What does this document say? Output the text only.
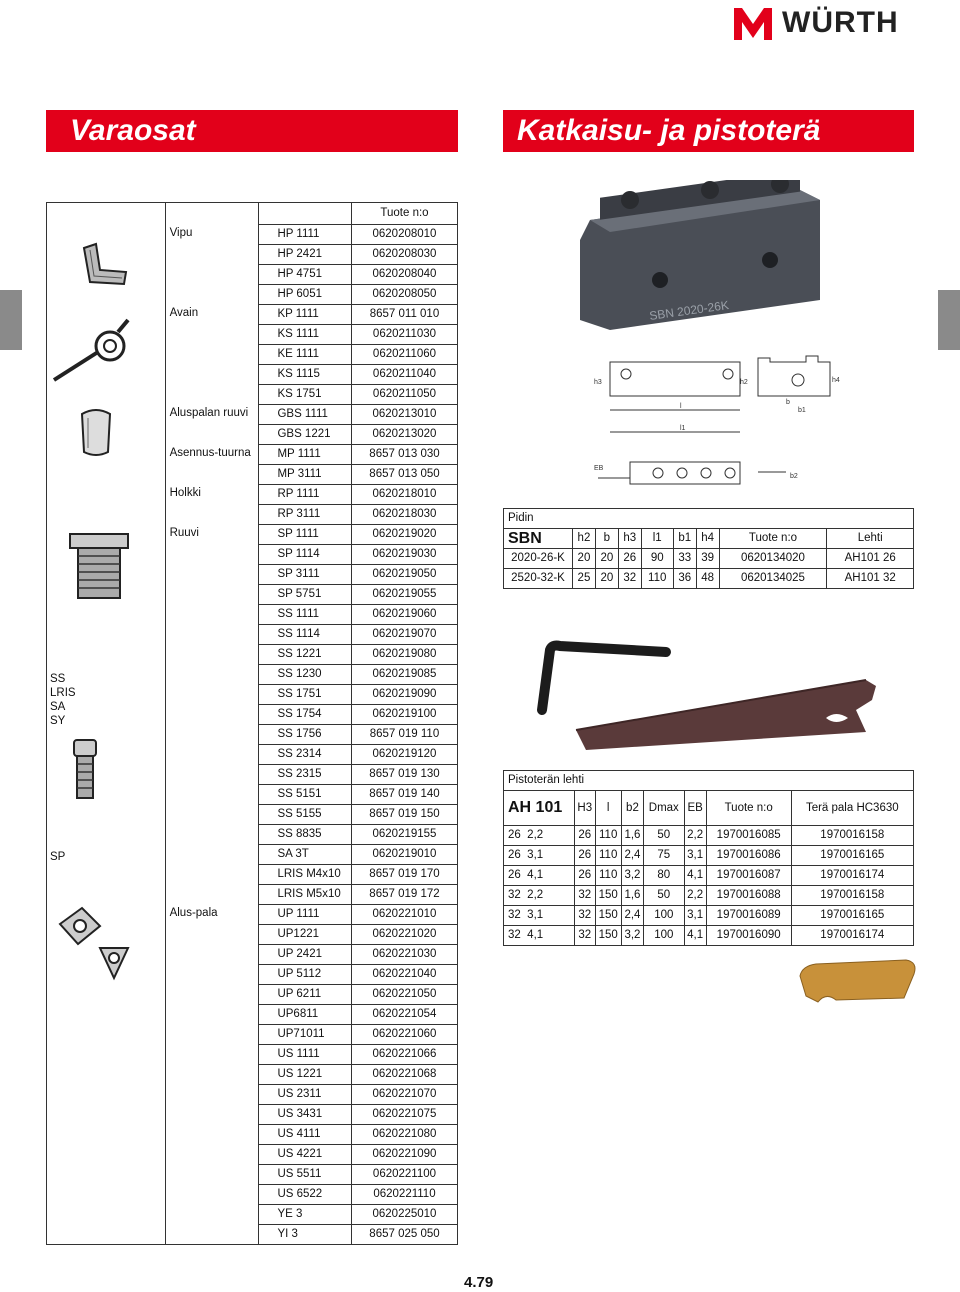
WÜRTH
Varaosat	Katkaisu- ja pistoterä
			Tuote n:o
	Vipu	HP 1111	0620208010
		HP 2421	0620208030
		HP 4751	0620208040
		HP 6051	0620208050
	Avain	KP 1111	8657 011 010
		KS 1111	0620211030
		KE 1111	0620211060
		KS 1115	0620211040
		KS 1751	0620211050
	Aluspalan ruuvi	GBS 1111	0620213010
		GBS 1221	0620213020
	Asennus-tuurna	MP 1111	8657 013 030
		MP 3111	8657 013 050
	Holkki	RP 1111	0620218010
		RP 3111	0620218030
	Ruuvi	SP 1111	0620219020
		SP 1114	0620219030
		SP 3111	0620219050
		SP 5751	0620219055
		SS 1111	0620219060
		SS 1114	0620219070
		SS 1221	0620219080
		SS 1230	0620219085
		SS 1751	0620219090
		SS 1754	0620219100
		SS 1756	8657 019 110
		SS 2314	0620219120
		SS 2315	8657 019 130
		SS 5151	8657 019 140
		SS 5155	8657 019 150
		SS 8835	0620219155
		SA 3T	0620219010
		LRIS M4x10	8657 019 170
		LRIS M5x10	8657 019 172
	Alus-pala	UP 1111	0620221010
		UP1221	0620221020
		UP 2421	0620221030
		UP 5112	0620221040
		UP 6211	0620221050
		UP6811	0620221054
		UP71011	0620221060
		US 1111	0620221066
		US 1221	0620221068
		US 2311	0620221070
		US 3431	0620221075
		US 4111	0620221080
		US 4221	0620221090
		US 5511	0620221100
		US 6522	0620221110
		YE 3	0620225010
		YI 3	8657 025 050
SS
LRIS
SA
SY
SP
SBN 2020-26K
h3
l
l1
h2
b
b1
h4
b2
EB
Pidin								
SBN	h2	b	h3	l1	b1	h4	Tuote n:o	Lehti
2020-26-K	20	20	26	90	33	39	0620134020	AH101 26
2520-32-K	25	20	32	110	36	48	0620134025	AH101 32
Pistoterän lehti							
AH 101	H3	l	b2	Dmax	EB	Tuote n:o	Terä pala HC3630
26  2,2	26	110	1,6	50	2,2	1970016085	1970016158
26  3,1	26	110	2,4	75	3,1	1970016086	1970016165
26  4,1	26	110	3,2	80	4,1	1970016087	1970016174
32  2,2	32	150	1,6	50	2,2	1970016088	1970016158
32  3,1	32	150	2,4	100	3,1	1970016089	1970016165
32  4,1	32	150	3,2	100	4,1	1970016090	1970016174
4.79
